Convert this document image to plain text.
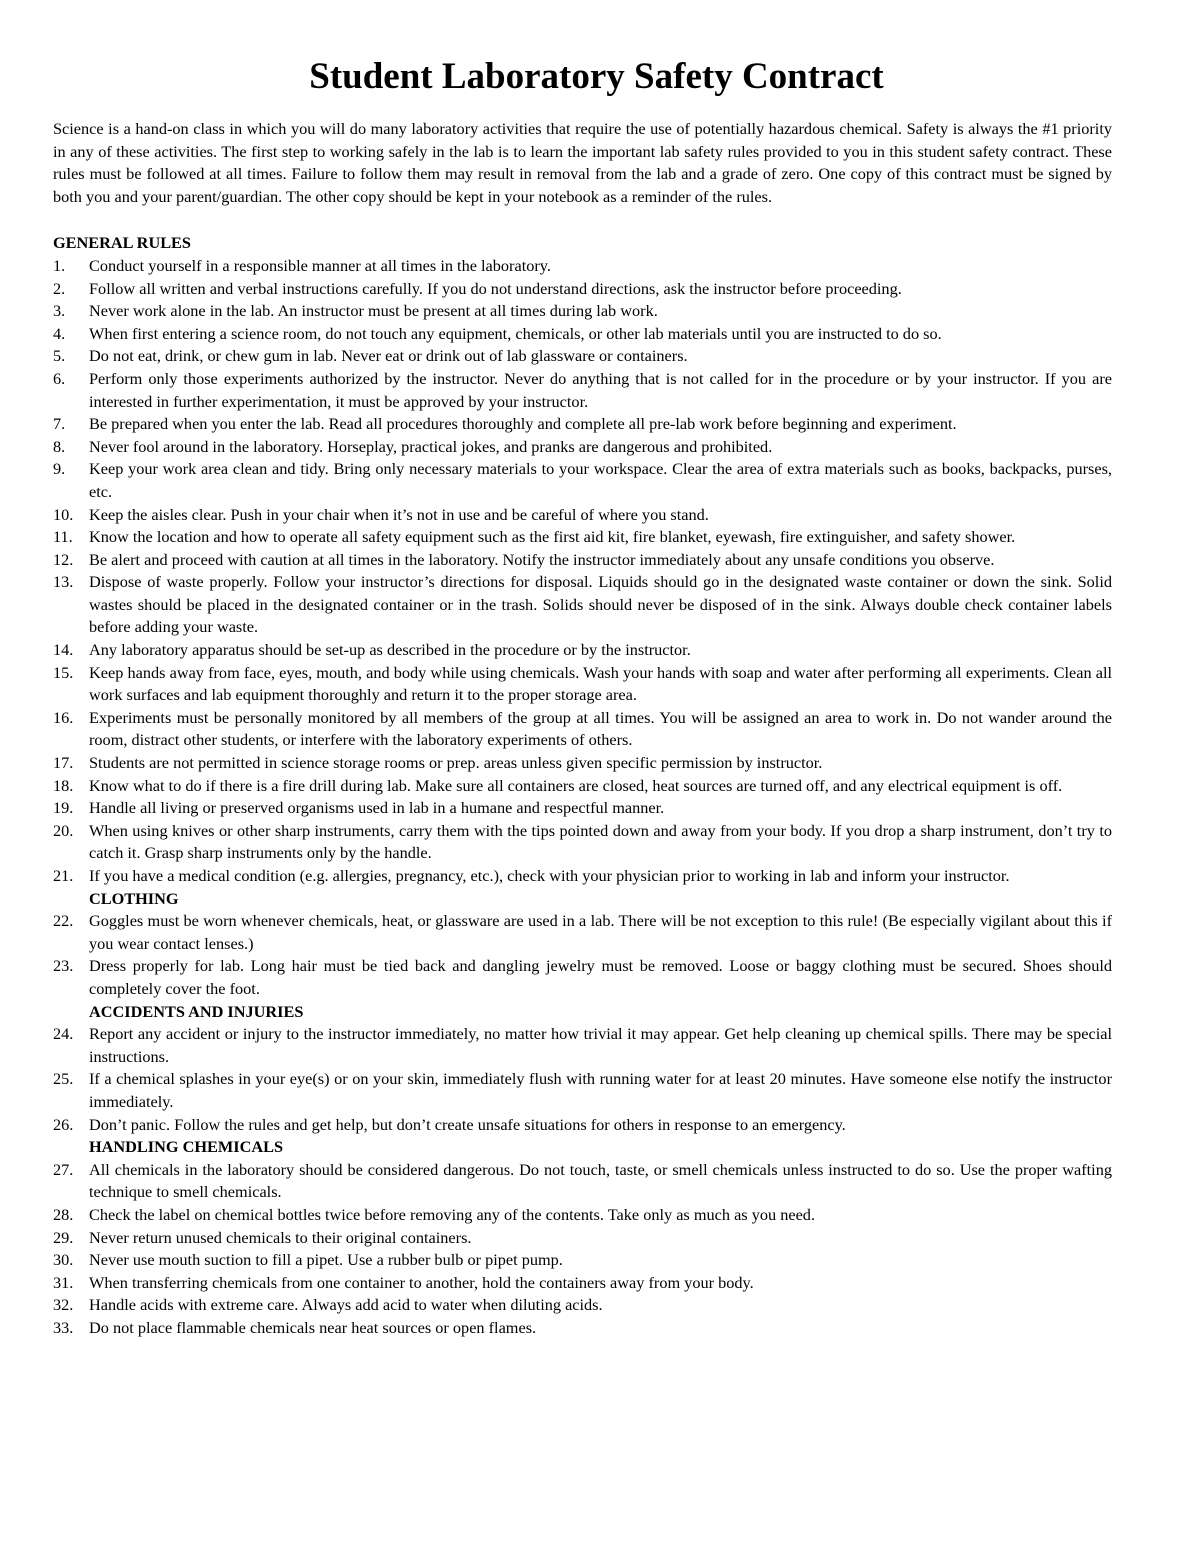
Student Laboratory Safety Contract

Science is a hand-on class in which you will do many laboratory activities that require the use of potentially hazardous chemical. Safety is always the #1 priority in any of these activities. The first step to working safely in the lab is to learn the important lab safety rules provided to you in this student safety contract. These rules must be followed at all times. Failure to follow them may result in removal from the lab and a grade of zero. One copy of this contract must be signed by both you and your parent/guardian. The other copy should be kept in your notebook as a reminder of the rules.

GENERAL RULES
1.	Conduct yourself in a responsible manner at all times in the laboratory.
2.	Follow all written and verbal instructions carefully. If you do not understand directions, ask the instructor before proceeding.
3.	Never work alone in the lab. An instructor must be present at all times during lab work.
4.	When first entering a science room, do not touch any equipment, chemicals, or other lab materials until you are instructed to do so.
5.	Do not eat, drink, or chew gum in lab. Never eat or drink out of lab glassware or containers.
6.	Perform only those experiments authorized by the instructor. Never do anything that is not called for in the procedure or by your instructor. If you are interested in further experimentation, it must be approved by your instructor.
7.	Be prepared when you enter the lab. Read all procedures thoroughly and complete all pre-lab work before beginning and experiment.
8.	Never fool around in the laboratory. Horseplay, practical jokes, and pranks are dangerous and prohibited.
9.	Keep your work area clean and tidy. Bring only necessary materials to your workspace. Clear the area of extra materials such as books, backpacks, purses, etc.
10. Keep the aisles clear. Push in your chair when it’s not in use and be careful of where you stand.
11. Know the location and how to operate all safety equipment such as the first aid kit, fire blanket, eyewash, fire extinguisher, and safety shower.
12. Be alert and proceed with caution at all times in the laboratory. Notify the instructor immediately about any unsafe conditions you observe.
13. Dispose of waste properly. Follow your instructor’s directions for disposal. Liquids should go in the designated waste container or down the sink. Solid wastes should be placed in the designated container or in the trash. Solids should never be disposed of in the sink. Always double check container labels before adding your waste.
14. Any laboratory apparatus should be set-up as described in the procedure or by the instructor.
15. Keep hands away from face, eyes, mouth, and body while using chemicals. Wash your hands with soap and water after performing all experiments. Clean all work surfaces and lab equipment thoroughly and return it to the proper storage area.
16. Experiments must be personally monitored by all members of the group at all times. You will be assigned an area to work in. Do not wander around the room, distract other students, or interfere with the laboratory experiments of others.
17. Students are not permitted in science storage rooms or prep. areas unless given specific permission by instructor.
18. Know what to do if there is a fire drill during lab. Make sure all containers are closed, heat sources are turned off, and any electrical equipment is off.
19. Handle all living or preserved organisms used in lab in a humane and respectful manner.
20. When using knives or other sharp instruments, carry them with the tips pointed down and away from your body. If you drop a sharp instrument, don’t try to catch it. Grasp sharp instruments only by the handle.
21. If you have a medical condition (e.g. allergies, pregnancy, etc.), check with your physician prior to working in lab and inform your instructor.
CLOTHING
22. Goggles must be worn whenever chemicals, heat, or glassware are used in a lab. There will be not exception to this rule! (Be especially vigilant about this if you wear contact lenses.)
23. Dress properly for lab. Long hair must be tied back and dangling jewelry must be removed. Loose or baggy clothing must be secured. Shoes should completely cover the foot.
ACCIDENTS AND INJURIES
24. Report any accident or injury to the instructor immediately, no matter how trivial it may appear. Get help cleaning up chemical spills. There may be special instructions.
25. If a chemical splashes in your eye(s) or on your skin, immediately flush with running water for at least 20 minutes. Have someone else notify the instructor immediately.
26. Don’t panic. Follow the rules and get help, but don’t create unsafe situations for others in response to an emergency.
HANDLING CHEMICALS
27. All chemicals in the laboratory should be considered dangerous. Do not touch, taste, or smell chemicals unless instructed to do so. Use the proper wafting technique to smell chemicals.
28. Check the label on chemical bottles twice before removing any of the contents. Take only as much as you need.
29. Never return unused chemicals to their original containers.
30. Never use mouth suction to fill a pipet. Use a rubber bulb or pipet pump.
31. When transferring chemicals from one container to another, hold the containers away from your body.
32. Handle acids with extreme care. Always add acid to water when diluting acids.
33. Do not place flammable chemicals near heat sources or open flames.
